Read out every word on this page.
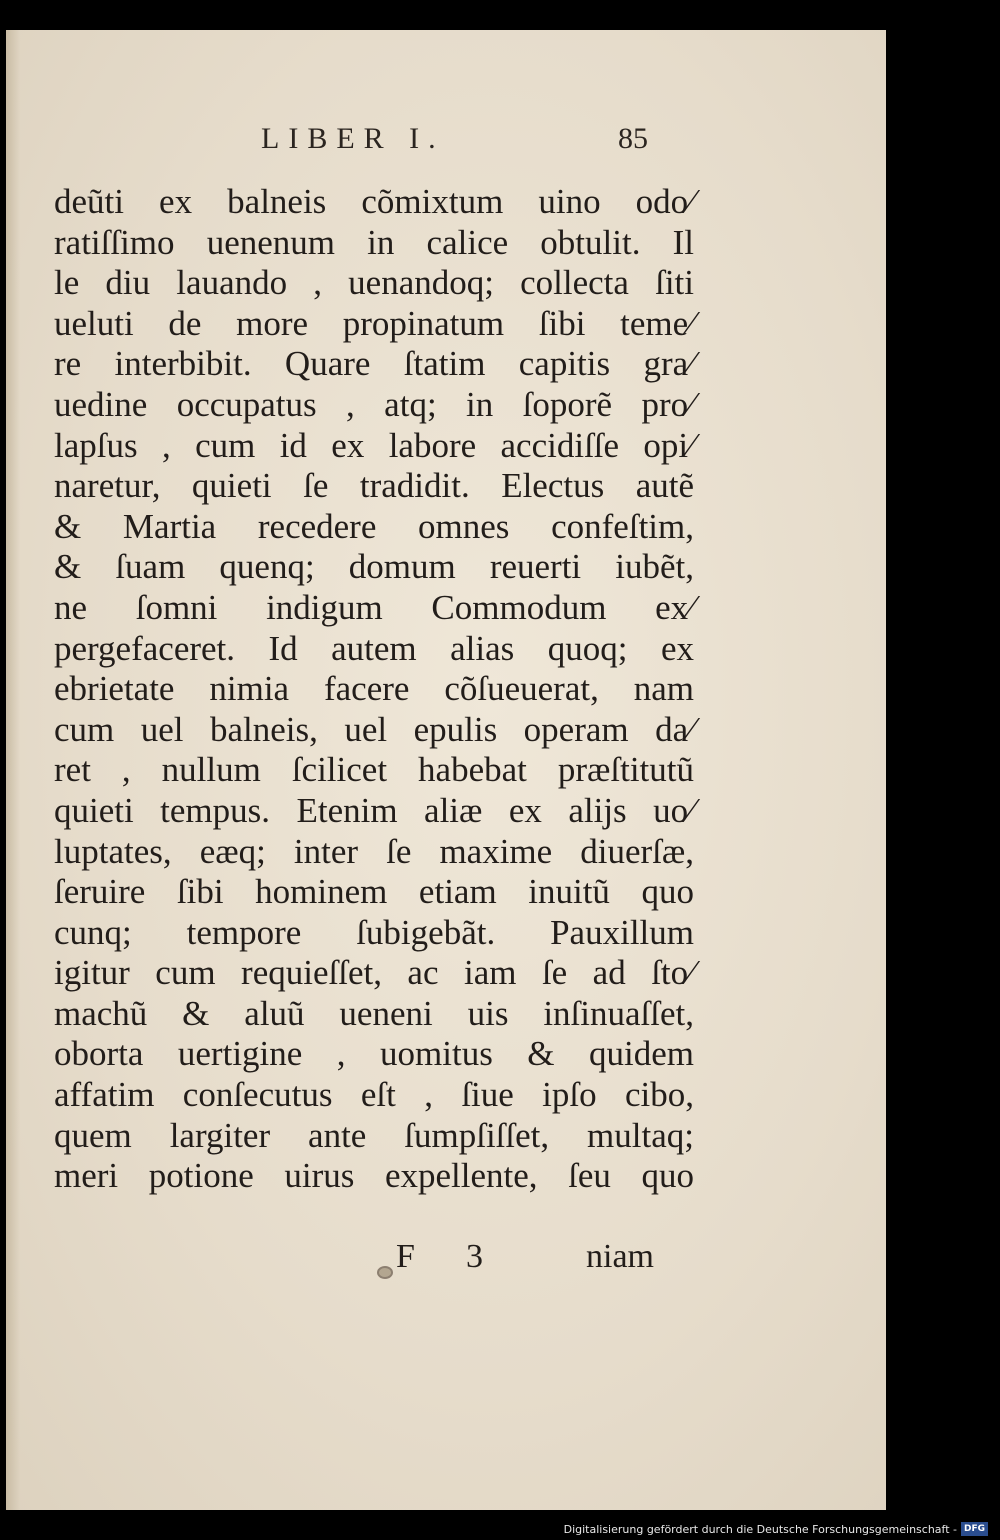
LIBER I.	85
deũti ex balneis cõmixtum uino odo⁄
ratiſſimo uenenum in calice obtulit. Il
le diu lauando , uenandoq; collecta ſiti
ueluti de more propinatum ſibi teme⁄
re interbibit. Quare ſtatim capitis gra⁄
uedine occupatus , atq; in ſoporẽ pro⁄
lapſus , cum id ex labore accidiſſe opi⁄
naretur, quieti ſe tradidit. Electus autẽ
& Martia recedere omnes confeſtim,
& ſuam quenq; domum reuerti iubẽt,
ne ſomni indigum Commodum ex⁄
pergefaceret. Id autem alias quoq; ex
ebrietate nimia facere cõſueuerat, nam
cum uel balneis, uel epulis operam da⁄
ret , nullum ſcilicet habebat præſtitutũ
quieti tempus. Etenim aliæ ex alijs uo⁄
luptates, eæq; inter ſe maxime diuerſæ,
ſeruire ſibi hominem etiam inuitũ quo
cunq; tempore ſubigebãt. Pauxillum
igitur cum requieſſet, ac iam ſe ad ſto⁄
machũ & aluũ ueneni uis inſinuaſſet,
oborta uertigine , uomitus & quidem
affatim conſecutus eſt , ſiue ipſo cibo,
quem largiter ante ſumpſiſſet, multaq;
meri potione uirus expellente, ſeu quo
F 3	niam
Digitalisierung gefördert durch die Deutsche Forschungsgemeinschaft - DFG
